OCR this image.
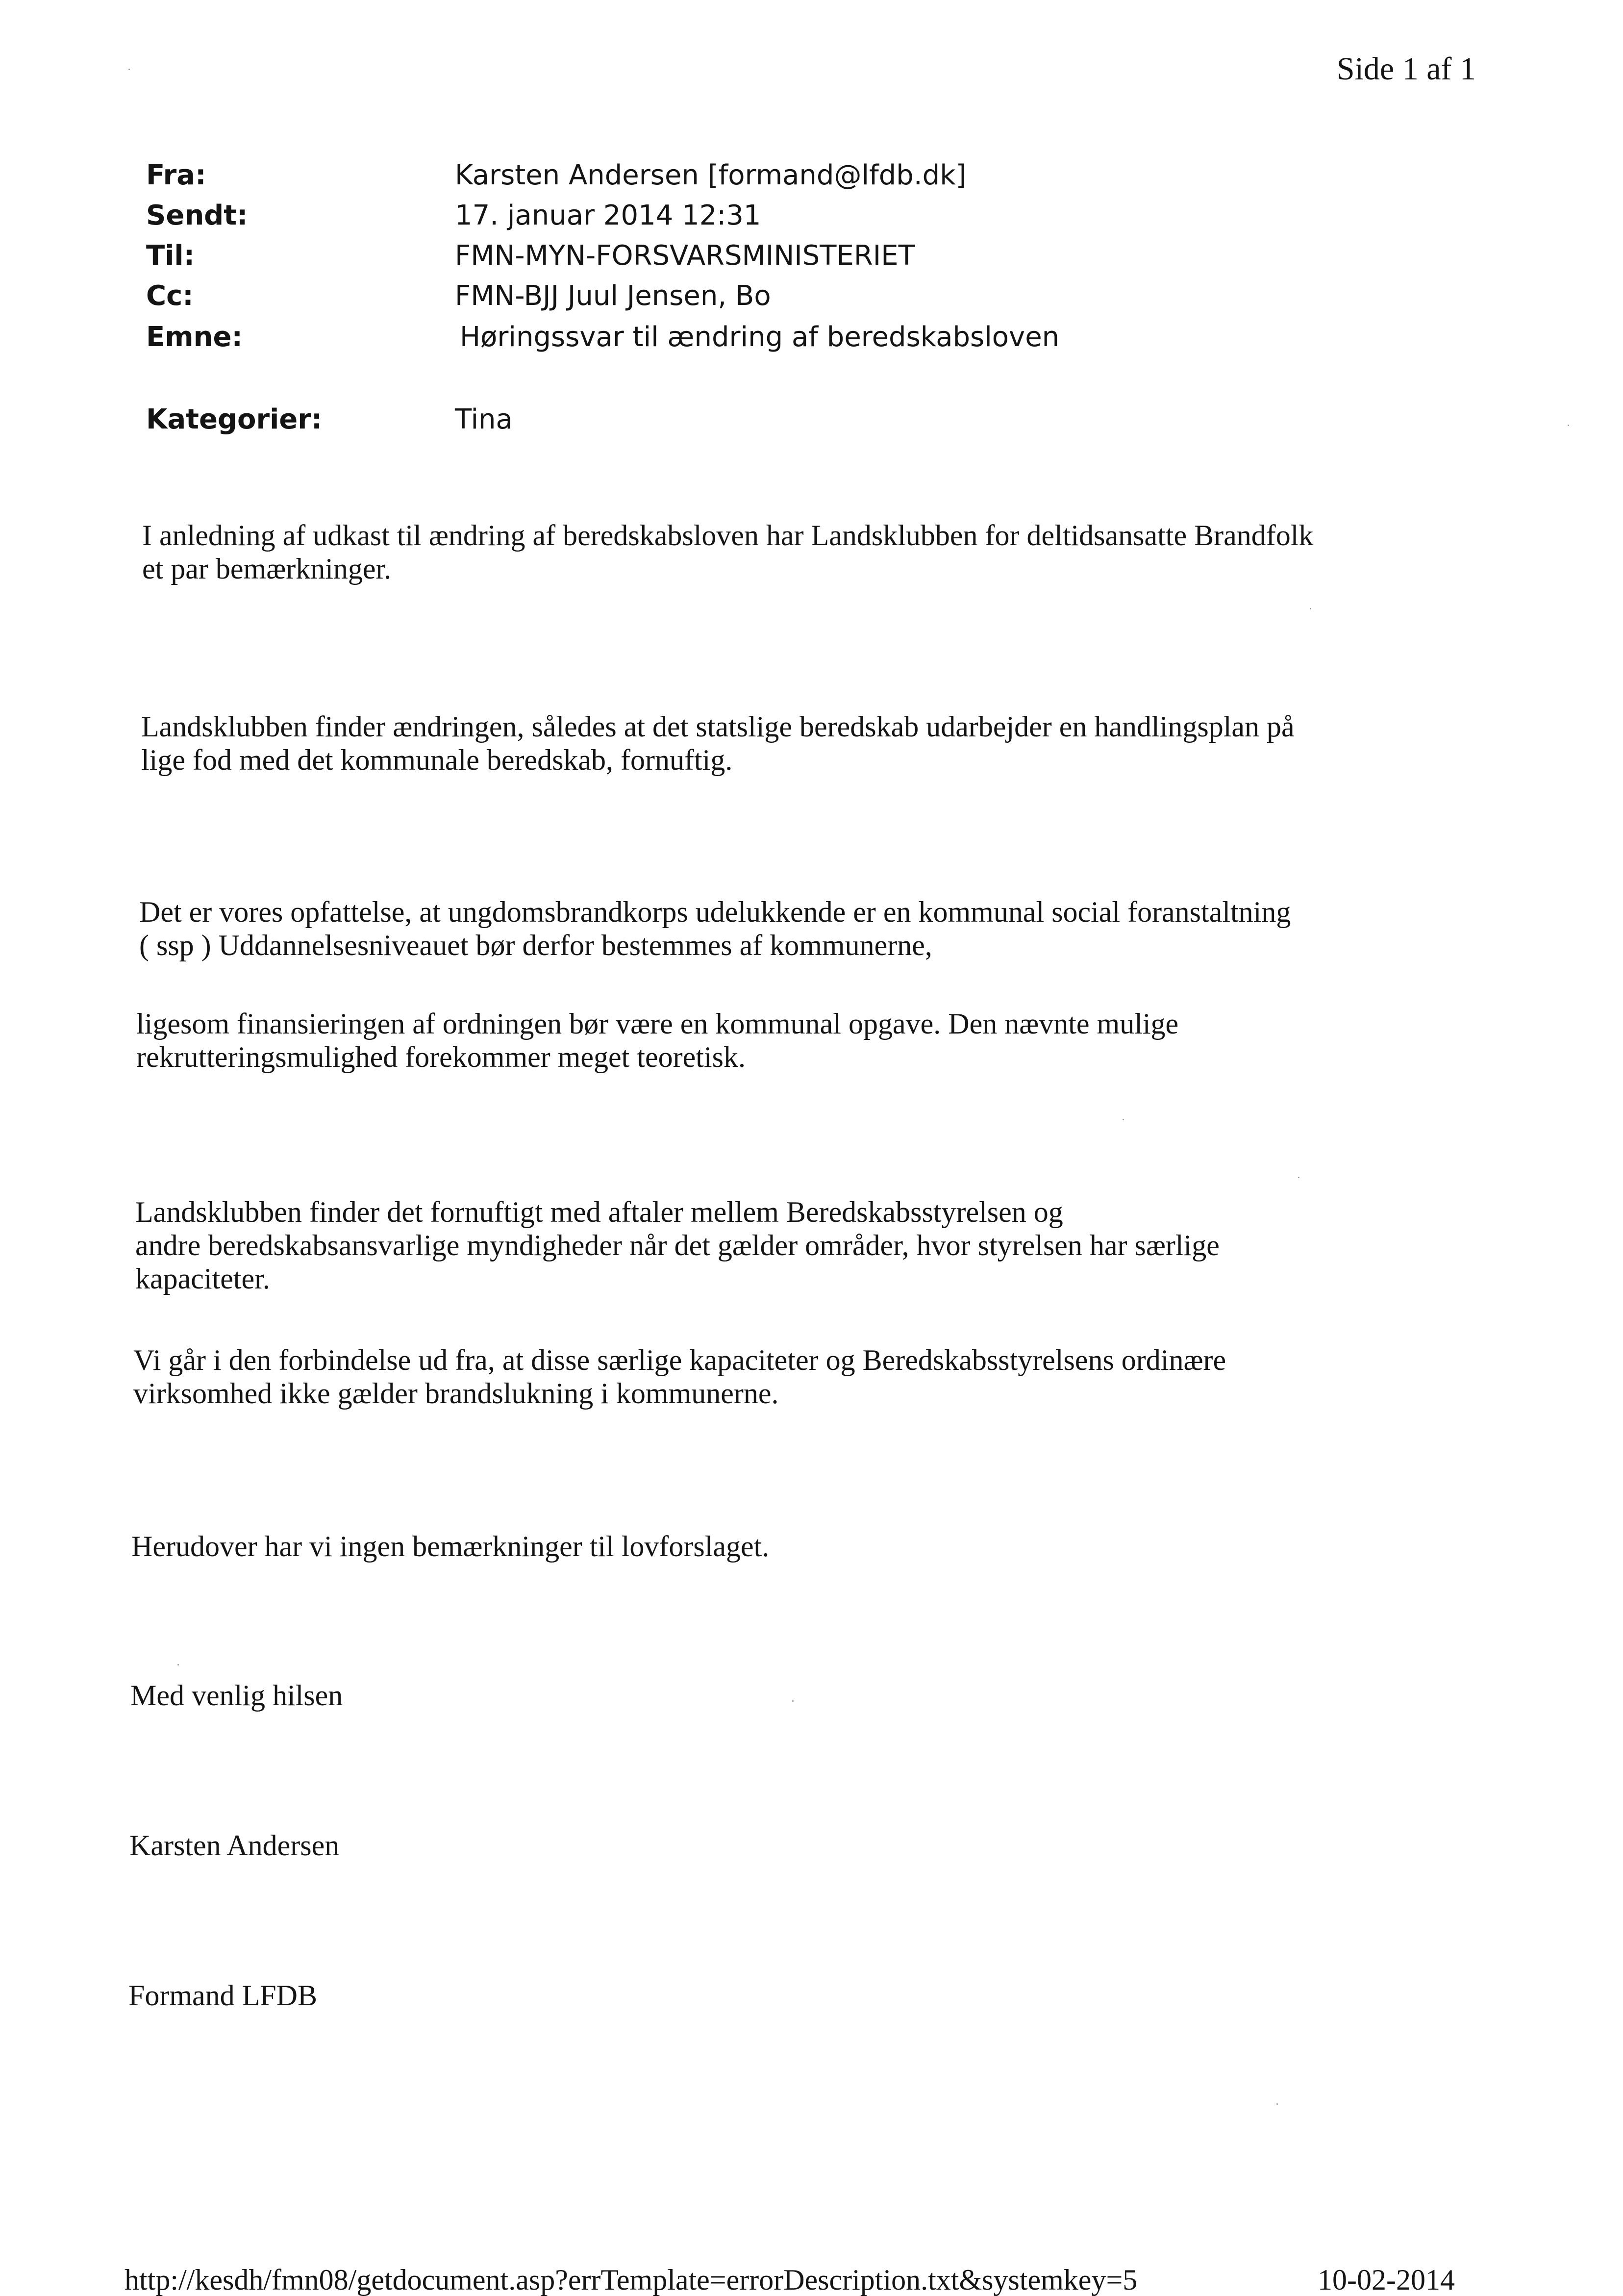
Side 1 af 1
Fra:	Karsten Andersen [formand@lfdb.dk]
Sendt:	17. januar 2014 12:31
Til:	FMN-MYN-FORSVARSMINISTERIET
Cc:	FMN-BJJ Juul Jensen, Bo
Emne:	Høringssvar til ændring af beredskabsloven
Kategorier:	Tina
I anledning af udkast til ændring af beredskabsloven har Landsklubben for deltidsansatte Brandfolk
et par bemærkninger.
Landsklubben finder ændringen, således at det statslige beredskab udarbejder en handlingsplan på
lige fod med det kommunale beredskab, fornuftig.
Det er vores opfattelse, at ungdomsbrandkorps udelukkende er en kommunal social foranstaltning
( ssp ) Uddannelsesniveauet bør derfor bestemmes af kommunerne,
ligesom finansieringen af ordningen bør være en kommunal opgave. Den nævnte mulige
rekrutteringsmulighed forekommer meget teoretisk.
Landsklubben finder det fornuftigt med aftaler mellem Beredskabsstyrelsen og
andre beredskabsansvarlige myndigheder når det gælder områder, hvor styrelsen har særlige
kapaciteter.
Vi går i den forbindelse ud fra, at disse særlige kapaciteter og Beredskabsstyrelsens ordinære
virksomhed ikke gælder brandslukning i kommunerne.
Herudover har vi ingen bemærkninger til lovforslaget.
Med venlig hilsen
Karsten Andersen
Formand LFDB
http://kesdh/fmn08/getdocument.asp?errTemplate=errorDescription.txt&systemkey=5	10-02-2014
